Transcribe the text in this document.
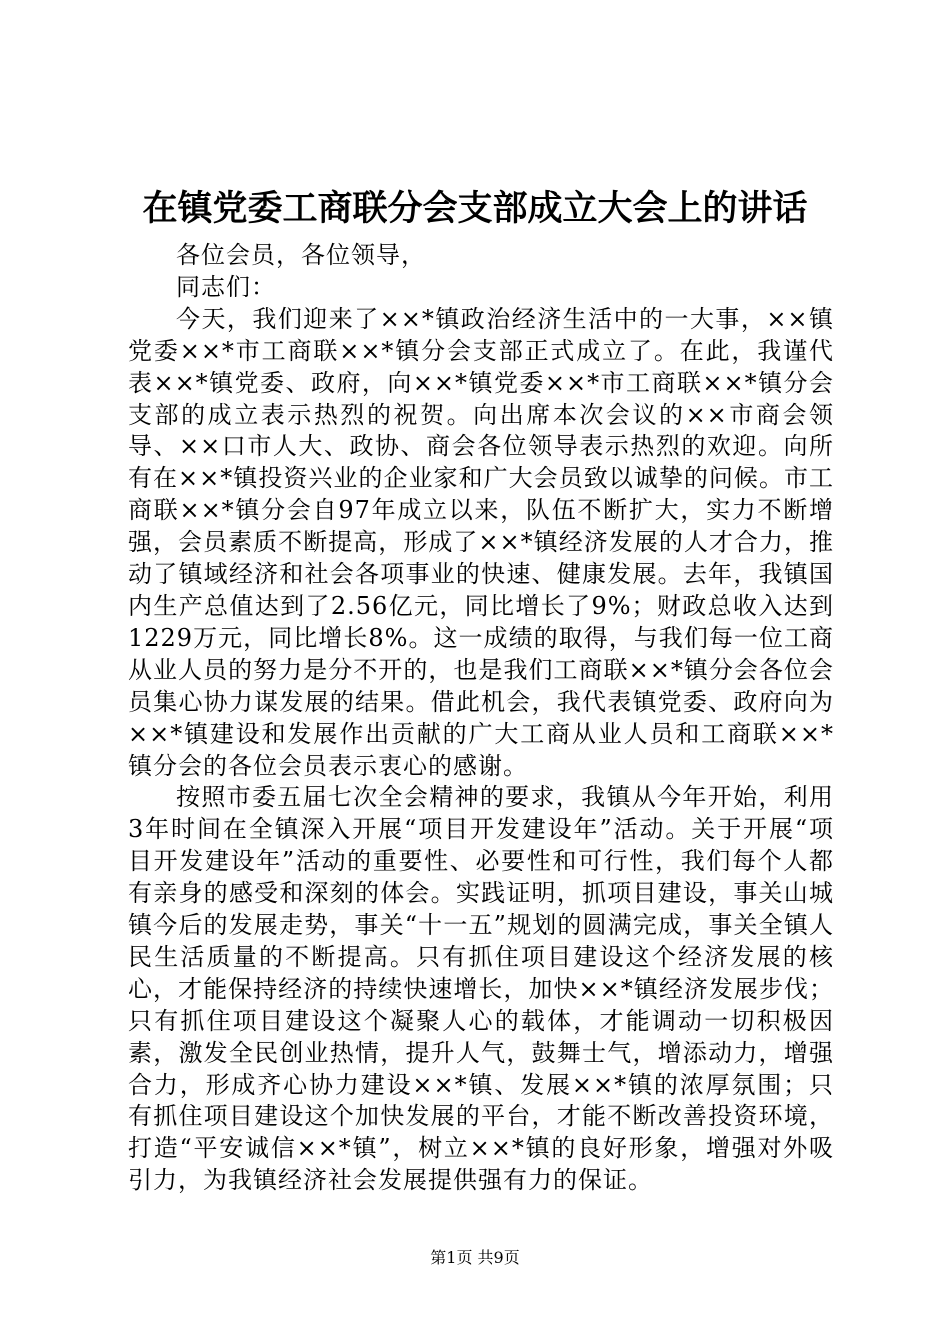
在镇党委工商联分会支部成立大会上的讲话
各位会员，各位领导，
同志们：

今天，我们迎来了××*镇政治经济生活中的一大事，××镇党委××*市工商联××*镇分会支部正式成立了。在此，我谨代表××*镇党委、政府，向××*镇党委××*市工商联××*镇分会支部的成立表示热烈的祝贺。向出席本次会议的××市商会领导、××口市人大、政协、商会各位领导表示热烈的欢迎。向所有在××*镇投资兴业的企业家和广大会员致以诚挚的问候。市工商联××*镇分会自97年成立以来，队伍不断扩大，实力不断增强，会员素质不断提高，形成了××*镇经济发展的人才合力，推动了镇域经济和社会各项事业的快速、健康发展。去年，我镇国内生产总值达到了2.56亿元，同比增长了9%；财政总收入达到1229万元，同比增长8%。这一成绩的取得，与我们每一位工商从业人员的努力是分不开的，也是我们工商联××*镇分会各位会员集心协力谋发展的结果。借此机会，我代表镇党委、政府向为××*镇建设和发展作出贡献的广大工商从业人员和工商联××*镇分会的各位会员表示衷心的感谢。

按照市委五届七次全会精神的要求，我镇从今年开始，利用3年时间在全镇深入开展“项目开发建设年”活动。关于开展“项目开发建设年”活动的重要性、必要性和可行性，我们每个人都有亲身的感受和深刻的体会。实践证明，抓项目建设，事关山城镇今后的发展走势，事关“十一五”规划的圆满完成，事关全镇人民生活质量的不断提高。只有抓住项目建设这个经济发展的核心，才能保持经济的持续快速增长，加快××*镇经济发展步伐；只有抓住项目建设这个凝聚人心的载体，才能调动一切积极因素，激发全民创业热情，提升人气，鼓舞士气，增添动力，增强合力，形成齐心协力建设××*镇、发展××*镇的浓厚氛围；只有抓住项目建设这个加快发展的平台，才能不断改善投资环境，打造“平安诚信××*镇”，树立××*镇的良好形象，增强对外吸引力，为我镇经济社会发展提供强有力的保证。

第1页 共9页
